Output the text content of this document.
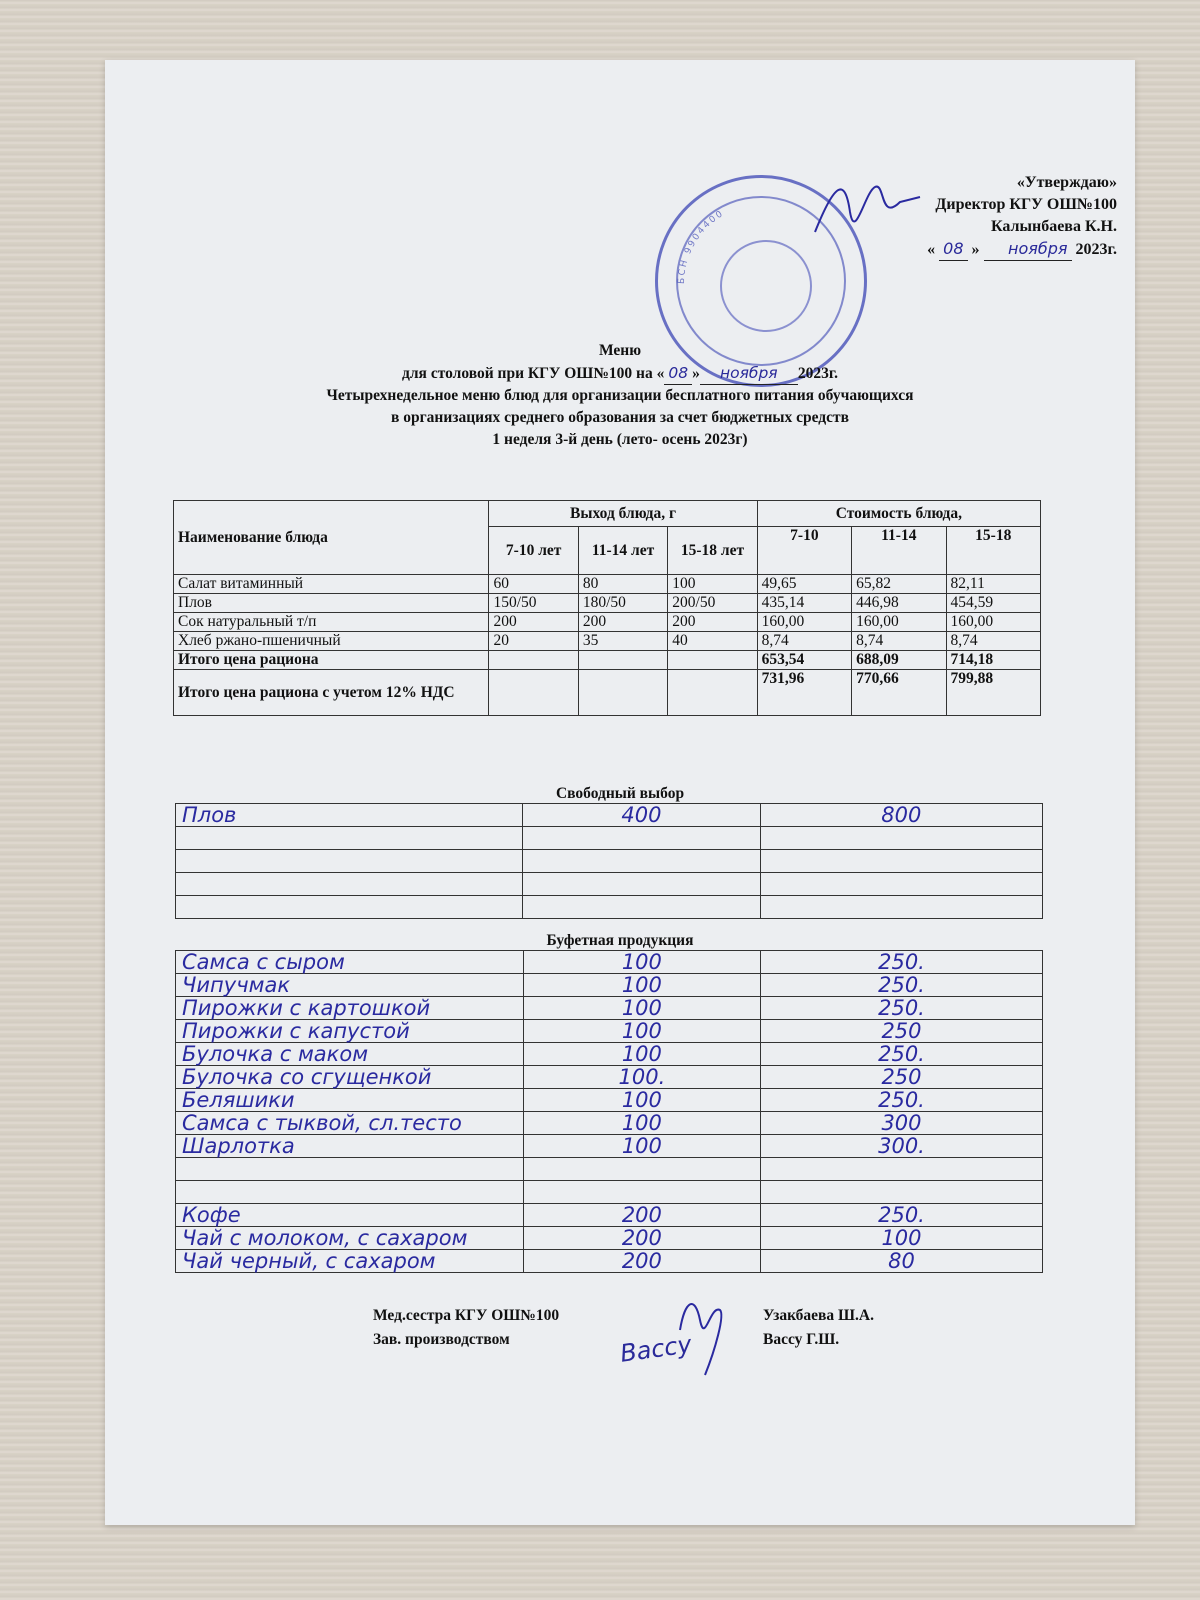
БСН 9904400
«Утверждаю»
Директор КГУ ОШ№100
Калынбаева К.Н.
« 08 »	ноября 2023г.
Меню
для столовой при КГУ ОШ№100 на « 08 » ноября 2023г.
Четырехнедельное меню блюд для организации бесплатного питания обучающихся
в организациях среднего образования за счет бюджетных средств
1 неделя 3-й день (лето- осень 2023г)
Наименование блюда	Выход блюда, г			Стоимость блюда,		
	7-10 лет	11-14 лет	15-18 лет	7-10	11-14	15-18
Салат витаминный	60	80	100	49,65	65,82	82,11
Плов	150/50	180/50	200/50	435,14	446,98	454,59
Сок натуральный т/п	200	200	200	160,00	160,00	160,00
Хлеб ржано-пшеничный	20	35	40	8,74	8,74	8,74
Итого цена рациона				653,54	688,09	714,18
Итого цена рациона с учетом 12% НДС				731,96	770,66	799,88
Свободный выбор
Плов	400	800

Буфетная продукция
Самса с сыром	100	250.
Чипучмак	100	250.
Пирожки с картошкой	100	250.
Пирожки с капустой	100	250
Булочка с маком	100	250.
Булочка со сгущенкой	100.	250
Беляшики	100	250.
Самса с тыквой, сл.тесто	100	300
Шарлотка	100	300.

Кофе	200	250.
Чай с молоком, с сахаром	200	100
Чай черный, с сахаром	200	80
Мед.сестра КГУ ОШ№100	Узакбаева Ш.А.
Зав. производством	Вассу Г.Ш.
Вассу
